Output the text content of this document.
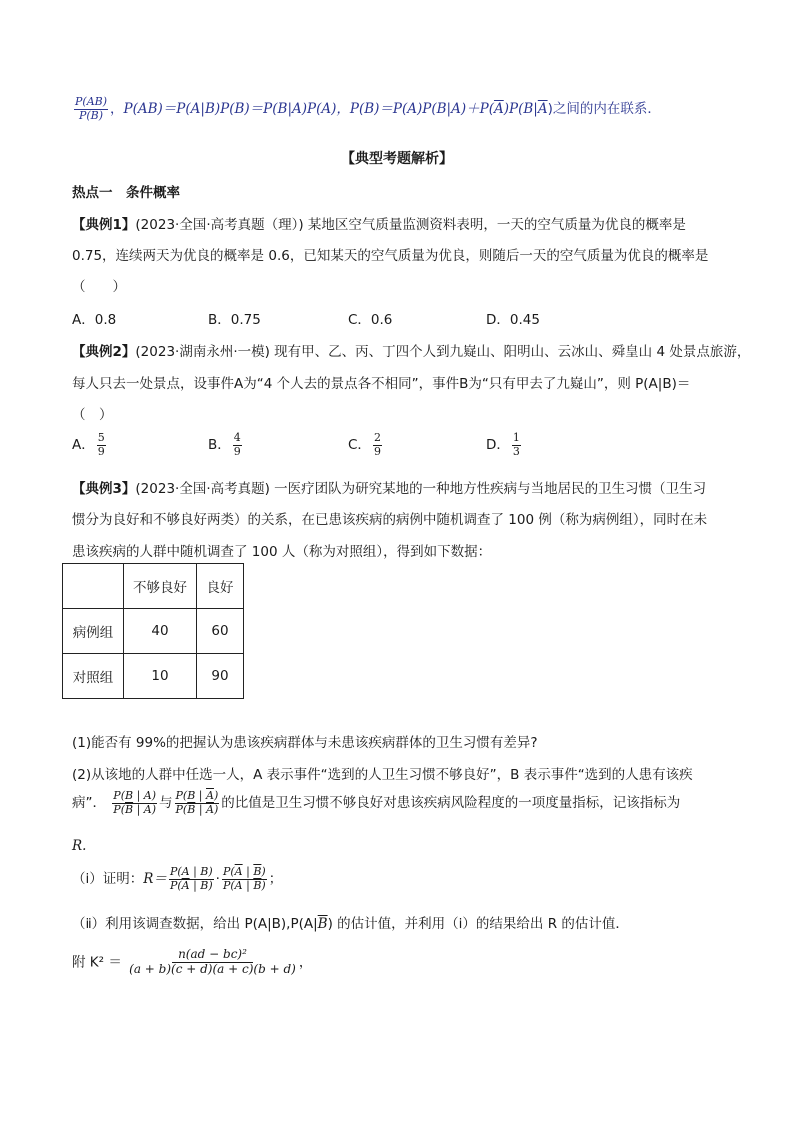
$\frac{P(AB)}{P(B)}$ ，P(AB)＝P(A|B)P(B)＝P(B|A)P(A)，$P(B)=P(A)P(B|A)+P(\overline{A})P(B|\overline{A})$之间的内在联系．
【典型考题解析】
热点一　条件概率
【典例1】(2023·全国·高考真题（理）) 某地区空气质量监测资料表明，一天的空气质量为优良的概率是
0.75，连续两天为优良的概率是 0.6，已知某天的空气质量为优良，则随后一天的空气质量为优良的概率是
（　　）
A．0.8	B．0.75	C．0.6	D．0.45
【典例2】(2023·湖南永州·一模) 现有甲、乙、丙、丁四个人到九嶷山、阳明山、云冰山、舜皇山 4 处景点旅游，
每人只去一处景点，设事件A为“4 个人去的景点各不相同”，事件B为“只有甲去了九嶷山”，则 P(A|B)＝
（　）
A． $\frac{5}{9}$	B． $\frac{4}{9}$	C． $\frac{2}{9}$	D． $\frac{1}{3}$
【典例3】(2023·全国·高考真题) 一医疗团队为研究某地的一种地方性疾病与当地居民的卫生习惯（卫生习
惯分为良好和不够良好两类）的关系，在已患该疾病的病例中随机调查了 100 例（称为病例组），同时在未
患该疾病的人群中随机调查了 100 人（称为对照组），得到如下数据：
	不够良好	良好
病例组	40	60
对照组	10	90
(1)能否有 99%的把握认为患该疾病群体与未患该疾病群体的卫生习惯有差异?
(2)从该地的人群中任选一人，A 表示事件“选到的人卫生习惯不够良好”，B 表示事件“选到的人患有该疾
病”． $\frac{P(B | A)}{P(\overline{B} | A)}$ 与 $\frac{P(B | \overline{A})}{P(\overline{B} | \overline{A})}$ 的比值是卫生习惯不够良好对患该疾病风险程度的一项度量指标，记该指标为
R.
（ⅰ）证明：$R= \frac{P(A | B)}{P(\overline{A} | B)} \cdot \frac{P(\overline{A} | \overline{B})}{P(A | \overline{B})}$ ；
（ⅱ）利用该调查数据，给出 $P(A|B),P(A|\overline{B})$ 的估计值，并利用（ⅰ）的结果给出 R 的估计值．
附 $K^2 = \frac{\text{n(ad − bc)²}}{(a + b)(c + d)(a + c)(b + d)}$ ，
